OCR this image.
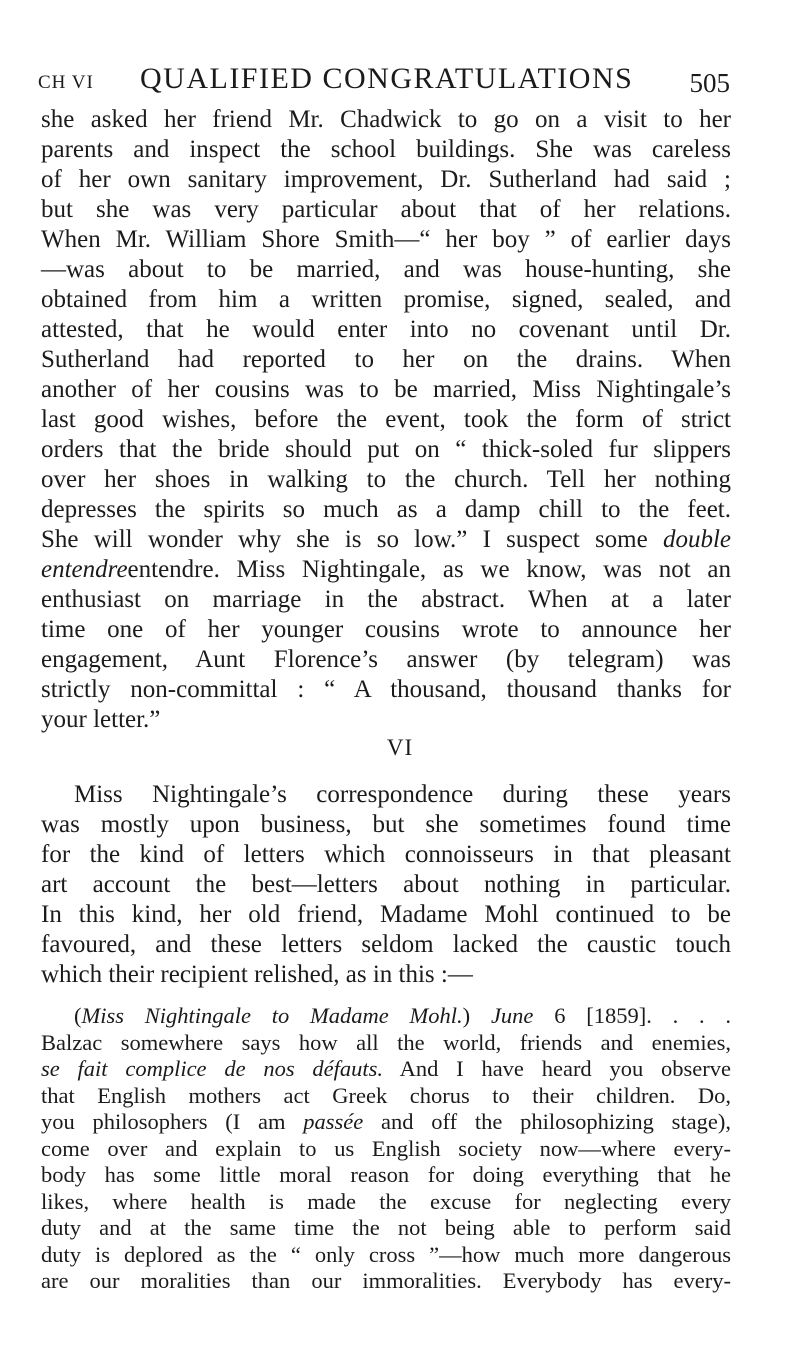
CH VI QUALIFIED CONGRATULATIONS 505
she asked her friend Mr. Chadwick to go on a visit to her
parents and inspect the school buildings. She was careless
of her own sanitary improvement, Dr. Sutherland had said ;
but she was very particular about that of her relations.
When Mr. William Shore Smith—“ her boy ” of earlier days
—was about to be married, and was house-hunting, she
obtained from him a written promise, signed, sealed, and
attested, that he would enter into no covenant until Dr.
Sutherland had reported to her on the drains. When
another of her cousins was to be married, Miss Nightingale’s
last good wishes, before the event, took the form of strict
orders that the bride should put on “ thick-soled fur slippers
over her shoes in walking to the church. Tell her nothing
depresses the spirits so much as a damp chill to the feet.
She will wonder why she is so low.” I suspect some double
entendreentendre. Miss Nightingale, as we know, was not an
enthusiast on marriage in the abstract. When at a later
time one of her younger cousins wrote to announce her
engagement, Aunt Florence’s answer (by telegram) was
strictly non-committal : “ A thousand, thousand thanks for
your letter.”
VI
Miss Nightingale’s correspondence during these years
was mostly upon business, but she sometimes found time
for the kind of letters which connoisseurs in that pleasant
art account the best—letters about nothing in particular.
In this kind, her old friend, Madame Mohl continued to be
favoured, and these letters seldom lacked the caustic touch
which their recipient relished, as in this :—
(Miss Nightingale to Madame Mohl.) June 6 [1859]. . . .
Balzac somewhere says how all the world, friends and enemies,
se fait complice de nos défauts. And I have heard you observe
that English mothers act Greek chorus to their children. Do,
you philosophers (I am passée and off the philosophizing stage),
come over and explain to us English society now—where every-
body has some little moral reason for doing everything that he
likes, where health is made the excuse for neglecting every
duty and at the same time the not being able to perform said
duty is deplored as the “ only cross ”—how much more dangerous
are our moralities than our immoralities. Everybody has every-
